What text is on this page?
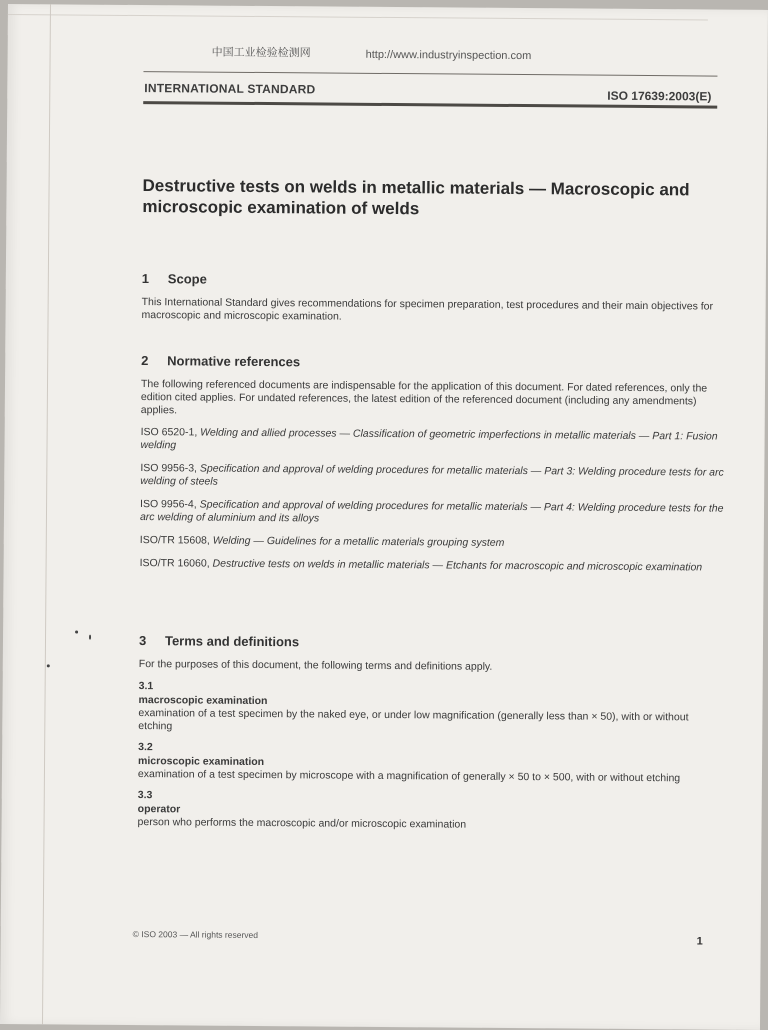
中国工业检验检测网	http://www.industryinspection.com
INTERNATIONAL STANDARD	ISO 17639:2003(E)
Destructive tests on welds in metallic materials — Macroscopic and microscopic examination of welds
1 Scope

This International Standard gives recommendations for specimen preparation, test procedures and their main objectives for macroscopic and microscopic examination.

2 Normative references

The following referenced documents are indispensable for the application of this document. For dated references, only the edition cited applies. For undated references, the latest edition of the referenced document (including any amendments) applies.

ISO 6520-1, Welding and allied processes — Classification of geometric imperfections in metallic materials — Part 1: Fusion welding

ISO 9956-3, Specification and approval of welding procedures for metallic materials — Part 3: Welding procedure tests for arc welding of steels

ISO 9956-4, Specification and approval of welding procedures for metallic materials — Part 4: Welding procedure tests for the arc welding of aluminium and its alloys

ISO/TR 15608, Welding — Guidelines for a metallic materials grouping system

ISO/TR 16060, Destructive tests on welds in metallic materials — Etchants for macroscopic and microscopic examination

3 Terms and definitions

For the purposes of this document, the following terms and definitions apply.

3.1
macroscopic examination

examination of a test specimen by the naked eye, or under low magnification (generally less than × 50), with or without etching

3.2
microscopic examination

examination of a test specimen by microscope with a magnification of generally × 50 to × 500, with or without etching

3.3
operator

person who performs the macroscopic and/or microscopic examination

© ISO 2003 — All rights reserved
1
